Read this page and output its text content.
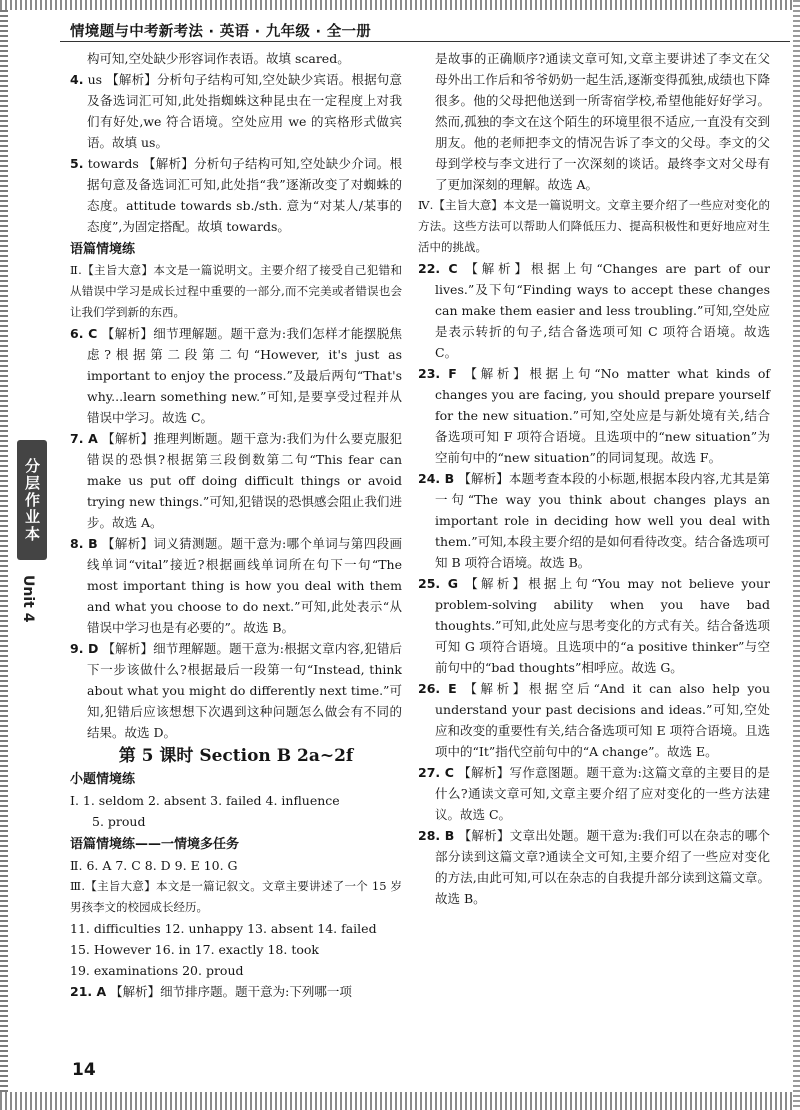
情境题与中考新考法 · 英语 · 九年级 · 全一册
分层作业本
Unit 4

构可知,空处缺少形容词作表语。故填 scared。

4. us 【解析】分析句子结构可知,空处缺少宾语。根据句意及备选词汇可知,此处指蜘蛛这种昆虫在一定程度上对我们有好处,we 符合语境。空处应用 we 的宾格形式做宾语。故填 us。

5. towards 【解析】分析句子结构可知,空处缺少介词。根据句意及备选词汇可知,此处指“我”逐渐改变了对蜘蛛的态度。attitude towards sb./sth. 意为“对某人/某事的态度”,为固定搭配。故填 towards。

语篇情境练

Ⅱ.【主旨大意】本文是一篇说明文。主要介绍了接受自己犯错和从错误中学习是成长过程中重要的一部分,而不完美或者错误也会让我们学到新的东西。

6. C 【解析】细节理解题。题干意为:我们怎样才能摆脱焦虑?根据第二段第二句“However, it's just as important to enjoy the process.”及最后两句“That's why...learn something new.”可知,是要享受过程并从错误中学习。故选 C。

7. A 【解析】推理判断题。题干意为:我们为什么要克服犯错误的恐惧?根据第三段倒数第二句“This fear can make us put off doing difficult things or avoid trying new things.”可知,犯错误的恐惧感会阻止我们进步。故选 A。

8. B 【解析】词义猜测题。题干意为:哪个单词与第四段画线单词“vital”接近?根据画线单词所在句下一句“The most important thing is how you deal with them and what you choose to do next.”可知,此处表示“从错误中学习也是有必要的”。故选 B。

9. D 【解析】细节理解题。题干意为:根据文章内容,犯错后下一步该做什么?根据最后一段第一句“Instead, think about what you might do differently next time.”可知,犯错后应该想想下次遇到这种问题怎么做会有不同的结果。故选 D。

第 5 课时 Section B 2a~2f

小题情境练

Ⅰ. 1. seldom 2. absent 3. failed 4. influence

5. proud

语篇情境练——一情境多任务

Ⅱ. 6. A 7. C 8. D 9. E 10. G

Ⅲ.【主旨大意】本文是一篇记叙文。文章主要讲述了一个 15 岁男孩李文的校园成长经历。

11. difficulties 12. unhappy 13. absent 14. failed

15. However 16. in 17. exactly 18. took

19. examinations 20. proud

21. A 【解析】细节排序题。题干意为:下列哪一项

是故事的正确顺序?通读文章可知,文章主要讲述了李文在父母外出工作后和爷爷奶奶一起生活,逐渐变得孤独,成绩也下降很多。他的父母把他送到一所寄宿学校,希望他能好好学习。然而,孤独的李文在这个陌生的环境里很不适应,一直没有交到朋友。他的老师把李文的情况告诉了李文的父母。李文的父母到学校与李文进行了一次深刻的谈话。最终李文对父母有了更加深刻的理解。故选 A。

Ⅳ.【主旨大意】本文是一篇说明文。文章主要介绍了一些应对变化的方法。这些方法可以帮助人们降低压力、提高积极性和更好地应对生活中的挑战。

22. C 【解析】根据上句“Changes are part of our lives.”及下句“Finding ways to accept these changes can make them easier and less troubling.”可知,空处应是表示转折的句子,结合备选项可知 C 项符合语境。故选 C。

23. F 【解析】根据上句“No matter what kinds of changes you are facing, you should prepare yourself for the new situation.”可知,空处应是与新处境有关,结合备选项可知 F 项符合语境。且选项中的“new situation”为空前句中的“new situation”的同词复现。故选 F。

24. B 【解析】本题考查本段的小标题,根据本段内容,尤其是第一句“The way you think about changes plays an important role in deciding how well you deal with them.”可知,本段主要介绍的是如何看待改变。结合备选项可知 B 项符合语境。故选 B。

25. G 【解析】根据上句“You may not believe your problem-solving ability when you have bad thoughts.”可知,此处应与思考变化的方式有关。结合备选项可知 G 项符合语境。且选项中的“a positive thinker”与空前句中的“bad thoughts”相呼应。故选 G。

26. E 【解析】根据空后“And it can also help you understand your past decisions and ideas.”可知,空处应和改变的重要性有关,结合备选项可知 E 项符合语境。且选项中的“It”指代空前句中的“A change”。故选 E。

27. C 【解析】写作意图题。题干意为:这篇文章的主要目的是什么?通读文章可知,文章主要介绍了应对变化的一些方法建议。故选 C。

28. B 【解析】文章出处题。题干意为:我们可以在杂志的哪个部分读到这篇文章?通读全文可知,主要介绍了一些应对变化的方法,由此可知,可以在杂志的自我提升部分读到这篇文章。故选 B。

14
